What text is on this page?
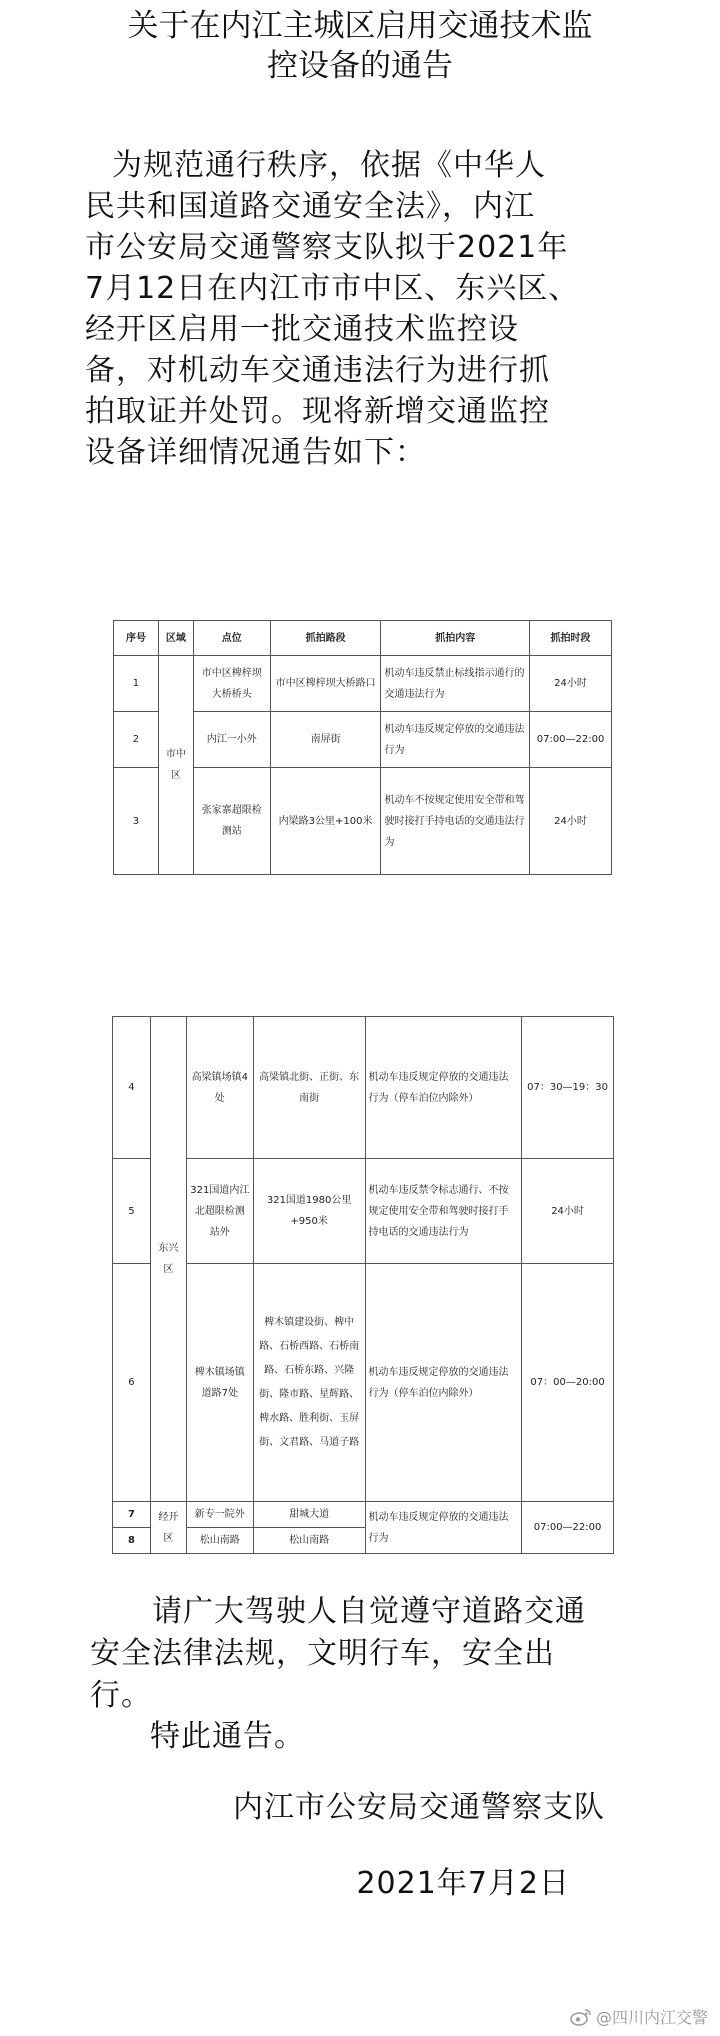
关于在内江主城区启用交通技术监
控设备的通告
为规范通行秩序，依据《中华人
民共和国道路交通安全法》，内江
市公安局交通警察支队拟于2021年
7月12日在内江市市中区、东兴区、
经开区启用一批交通技术监控设
备，对机动车交通违法行为进行抓
拍取证并处罚。现将新增交通监控
设备详细情况通告如下：
序号	区域	点位	抓拍路段	抓拍内容	抓拍时段
1	市中区	市中区椑梓坝大桥桥头	市中区椑梓坝大桥路口	机动车违反禁止标线指示通行的交通违法行为	24小时
2		内江一小外	南屏街	机动车违反规定停放的交通违法行为	07:00—22:00
3		张家寨超限检测站	内梁路3公里+100米	机动车不按规定使用安全带和驾驶时接打手持电话的交通违法行为	24小时
4	东兴区	高梁镇场镇4处	高梁镇北街、正街、东南街	机动车违反规定停放的交通违法行为（停车泊位内除外）	07：30—19：30
5		321国道内江北超限检测站外	321国道1980公里+950米	机动车违反禁令标志通行、不按规定使用安全带和驾驶时接打手持电话的交通违法行为	24小时
6		椑木镇场镇道路7处	椑木镇建设街、椑中路、石桥西路、石桥南路、石桥东路、兴隆街、隆市路、星辉路、椑水路、胜利街、玉屏街、文君路、马道子路	机动车违反规定停放的交通违法行为（停车泊位内除外）	07：00—20:00
7	经开区	新专一院外	甜城大道	机动车违反规定停放的交通违法行为	07:00—22:00
8		松山南路	松山南路		
请广大驾驶人自觉遵守道路交通
安全法律法规，文明行车，安全出
行。
特此通告。
内江市公安局交通警察支队
2021年7月2日
@四川内江交警
